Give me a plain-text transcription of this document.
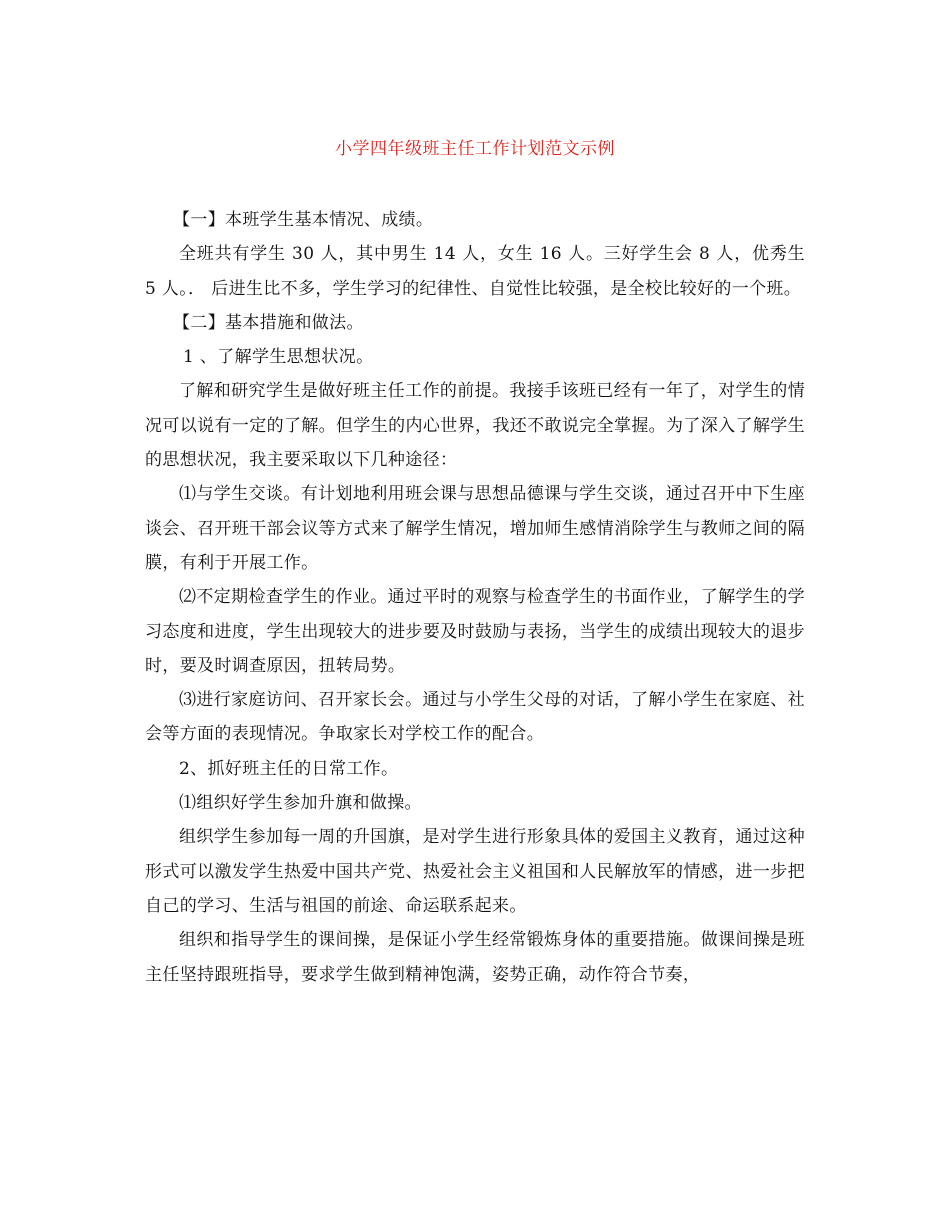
小学四年级班主任工作计划范文示例

【一】本班学生基本情况、成绩。

全班共有学生 30 人，其中男生 14 人，女生 16 人。三好学生会 8 人，优秀生 5 人。． 后进生比不多，学生学习的纪律性、自觉性比较强，是全校比较好的一个班。

【二】基本措施和做法。

1 、了解学生思想状况。

了解和研究学生是做好班主任工作的前提。我接手该班已经有一年了，对学生的情况可以说有一定的了解。但学生的内心世界，我还不敢说完全掌握。为了深入了解学生的思想状况，我主要采取以下几种途径：

⑴与学生交谈。有计划地利用班会课与思想品德课与学生交谈，通过召开中下生座谈会、召开班干部会议等方式来了解学生情况，增加师生感情消除学生与教师之间的隔膜，有利于开展工作。

⑵不定期检查学生的作业。通过平时的观察与检查学生的书面作业，了解学生的学习态度和进度，学生出现较大的进步要及时鼓励与表扬，当学生的成绩出现较大的退步时，要及时调查原因，扭转局势。

⑶进行家庭访问、召开家长会。通过与小学生父母的对话，了解小学生在家庭、社会等方面的表现情况。争取家长对学校工作的配合。

2、抓好班主任的日常工作。

⑴组织好学生参加升旗和做操。

组织学生参加每一周的升国旗，是对学生进行形象具体的爱国主义教育，通过这种形式可以激发学生热爱中国共产党、热爱社会主义祖国和人民解放军的情感，进一步把自己的学习、生活与祖国的前途、命运联系起来。

组织和指导学生的课间操，是保证小学生经常锻炼身体的重要措施。做课间操是班主任坚持跟班指导，要求学生做到精神饱满，姿势正确，动作符合节奏，
